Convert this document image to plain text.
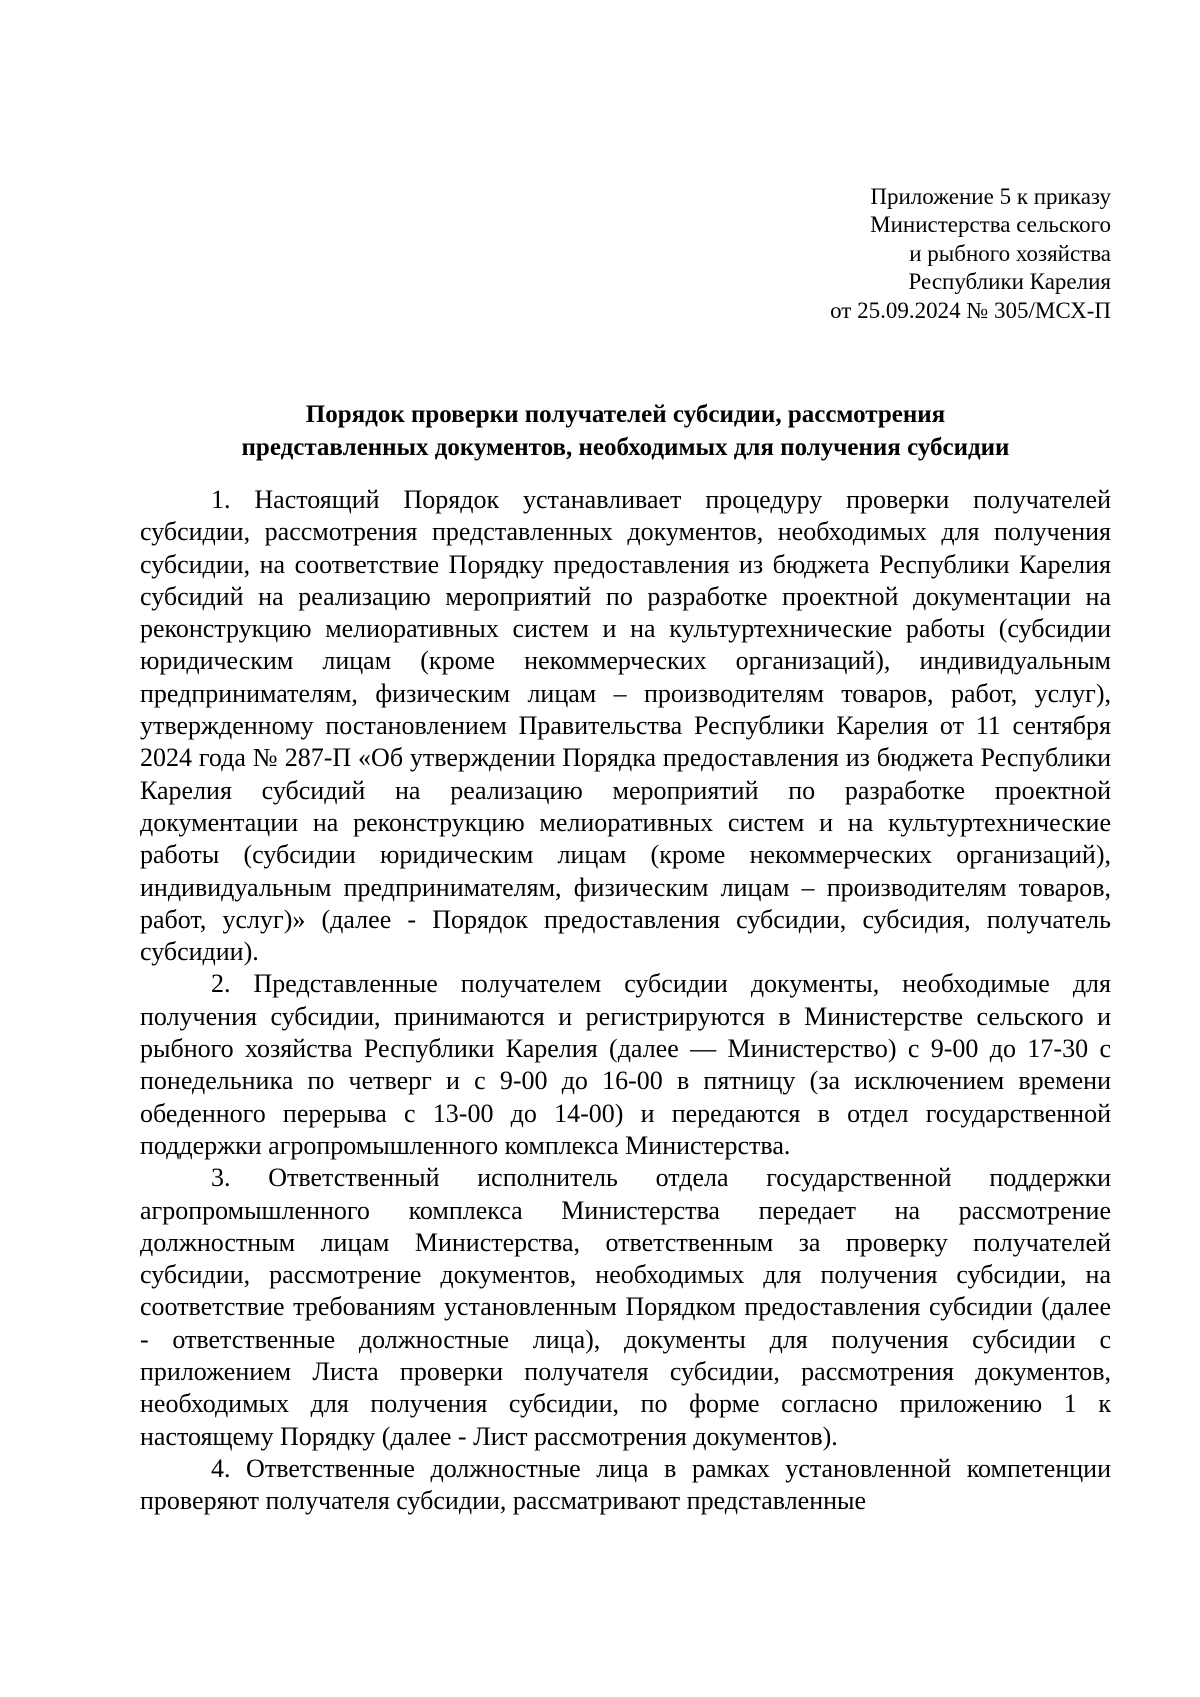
Приложение 5 к приказу
Министерства сельского
и рыбного хозяйства
Республики Карелия
от 25.09.2024 № 305/МСХ-П
Порядок проверки получателей субсидии, рассмотрения
представленных документов, необходимых для получения субсидии

1. Настоящий Порядок устанавливает процедуру проверки получателей субсидии, рассмотрения представленных документов, необходимых для получения субсидии, на соответствие Порядку предоставления из бюджета Республики Карелия субсидий на реализацию мероприятий по разработке проектной документации на реконструкцию мелиоративных систем и на культуртехнические работы (субсидии юридическим лицам (кроме некоммерческих организаций), индивидуальным предпринимателям, физическим лицам – производителям товаров, работ, услуг), утвержденному постановлением Правительства Республики Карелия от 11 сентября 2024 года № 287-П «Об утверждении Порядка предоставления из бюджета Республики Карелия субсидий на реализацию мероприятий по разработке проектной документации на реконструкцию мелиоративных систем и на культуртехнические работы (субсидии юридическим лицам (кроме некоммерческих организаций), индивидуальным предпринимателям, физическим лицам – производителям товаров, работ, услуг)» (далее - Порядок предоставления субсидии, субсидия, получатель субсидии).

2. Представленные получателем субсидии документы, необходимые для получения субсидии, принимаются и регистрируются в Министерстве сельского и рыбного хозяйства Республики Карелия (далее — Министерство) с 9-00 до 17-30 с понедельника по четверг и с 9-00 до 16-00 в пятницу (за исключением времени обеденного перерыва с 13-00 до 14-00) и передаются в отдел государственной поддержки агропромышленного комплекса Министерства.

3. Ответственный исполнитель отдела государственной поддержки агропромышленного комплекса Министерства передает на рассмотрение должностным лицам Министерства, ответственным за проверку получателей субсидии, рассмотрение документов, необходимых для получения субсидии, на соответствие требованиям установленным Порядком предоставления субсидии (далее - ответственные должностные лица), документы для получения субсидии с приложением Листа проверки получателя субсидии, рассмотрения документов, необходимых для получения субсидии, по форме согласно приложению 1 к настоящему Порядку (далее - Лист рассмотрения документов).

4. Ответственные должностные лица в рамках установленной компетенции проверяют получателя субсидии, рассматривают представленные
